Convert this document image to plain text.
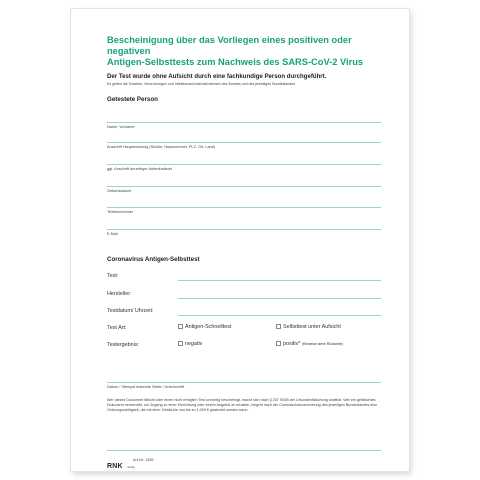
Bescheinigung über das Vorliegen eines positiven oder negativen
Antigen-Selbsttests zum Nachweis des SARS-CoV-2 Virus
Der Test wurde ohne Aufsicht durch eine fachkundige Person durchgeführt.
Es gelten die Gesetze, Verordnungen und Infektionsschutzmaßnahmen des Bundes und des jeweiligen Bundeslandes
Getestete Person
Name, Vorname
Anschrift Hauptwohnung (Straße, Hausnummer, PLZ, Ort, Land)
ggf. Anschrift derzeitiger Aufenthaltsort
Geburtsdatum
Telefonnummer
E-Mail
Coronavirus Antigen-Selbsttest
Test:
Hersteller:
Testdatum/ Uhrzeit:
Test Art:	Antigen-Schnelltest	Selbsttest unter Aufsicht
Testergebnis:	negativ	positiv* (Hinweise siehe Rückseite)
Datum / Stempel testende Stelle / Unterschrift
Wer dieses Dokument fälscht oder einen nicht erfolgten Test unrichtig bescheinigt, macht sich nach § 267 StGB der Urkundenfälschung strafbar. Wer ein gefälschtes Dokument verwendet, um Zugang zu einer Einrichtung oder einem Angebot zu erhalten, begeht nach der Coronaschutzverordnung des jeweiligen Bundeslandes eine Ordnungswidrigkeit, die mit einer Geldbuße von bis zu 1.000 € geahndet werden kann.
RNK Verlag
Art-Nr. 1335
